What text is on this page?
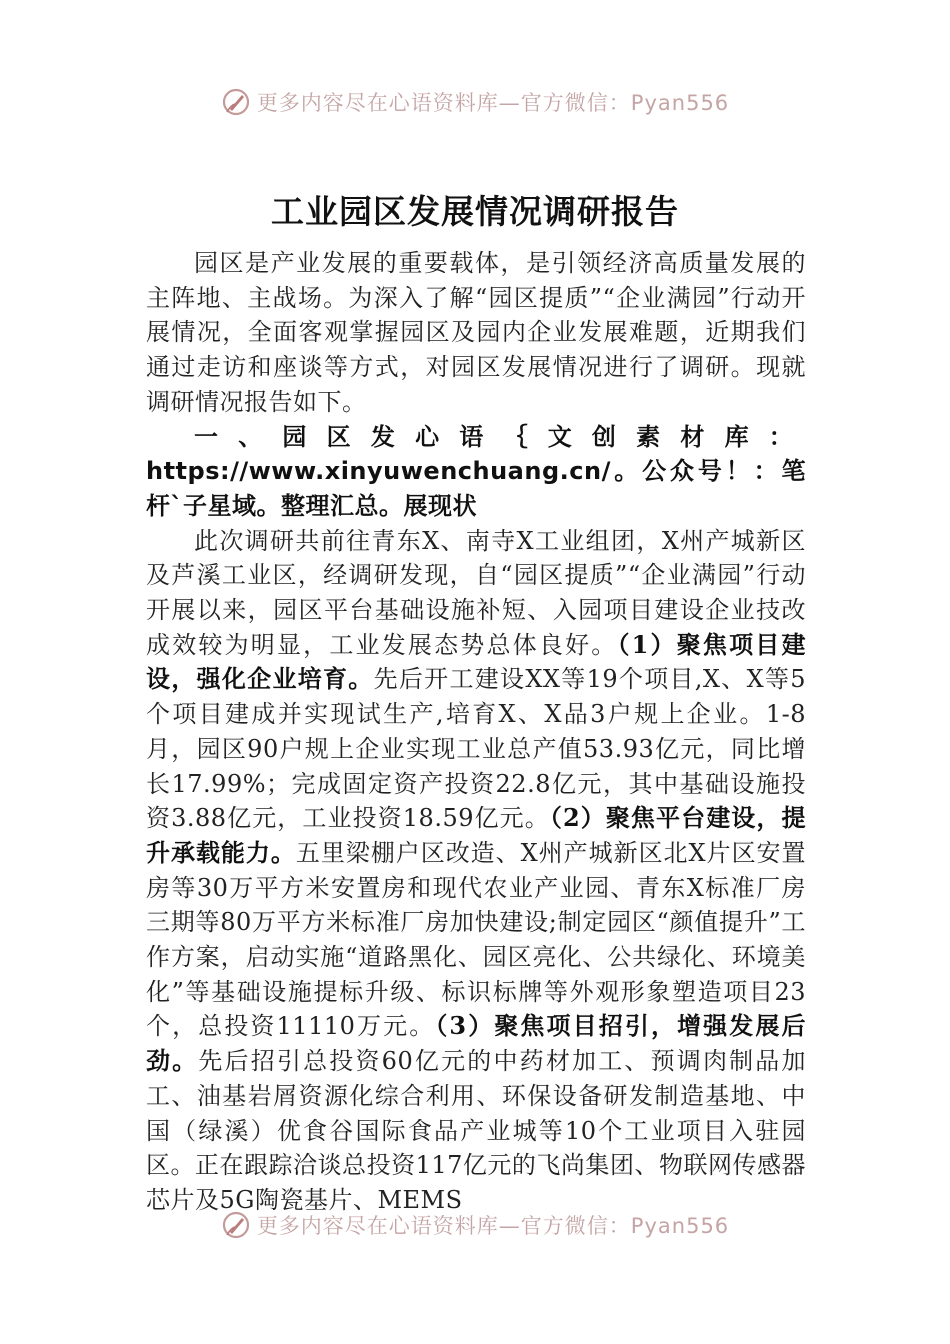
更多内容尽在心语资料库—官方微信：Pyan556
工业园区发展情况调研报告

园区是产业发展的重要载体，是引领经济高质量发展的主阵地、主战场。为深入了解“园区提质”“企业满园”行动开展情况，全面客观掌握园区及园内企业发展难题，近期我们通过走访和座谈等方式，对园区发展情况进行了调研。现就调研情况报告如下。

一、园区发心语｛文创素材库：https://www.xinyuwenchuang.cn/。公众号！：笔杆`子星域。整理汇总。展现状

此次调研共前往青东X、南寺X工业组团，X州产城新区及芦溪工业区，经调研发现，自“园区提质”“企业满园”行动开展以来，园区平台基础设施补短、入园项目建设企业技改成效较为明显，工业发展态势总体良好。（1）聚焦项目建设，强化企业培育。先后开工建设XX等19个项目,X、X等5个项目建成并实现试生产,培育X、X品3户规上企业。1-8月，园区90户规上企业实现工业总产值53.93亿元，同比增长17.99%；完成固定资产投资22.8亿元，其中基础设施投资3.88亿元，工业投资18.59亿元。（2）聚焦平台建设，提升承载能力。五里梁棚户区改造、X州产城新区北X片区安置房等30万平方米安置房和现代农业产业园、青东X标准厂房三期等80万平方米标准厂房加快建设;制定园区“颜值提升”工作方案，启动实施“道路黑化、园区亮化、公共绿化、环境美化”等基础设施提标升级、标识标牌等外观形象塑造项目23个，总投资11110万元。（3）聚焦项目招引，增强发展后劲。先后招引总投资60亿元的中药材加工、预调肉制品加工、油基岩屑资源化综合利用、环保设备研发制造基地、中国（绿溪）优食谷国际食品产业城等10个工业项目入驻园区。正在跟踪洽谈总投资117亿元的飞尚集团、物联网传感器芯片及5G陶瓷基片、MEMS

更多内容尽在心语资料库—官方微信：Pyan556
